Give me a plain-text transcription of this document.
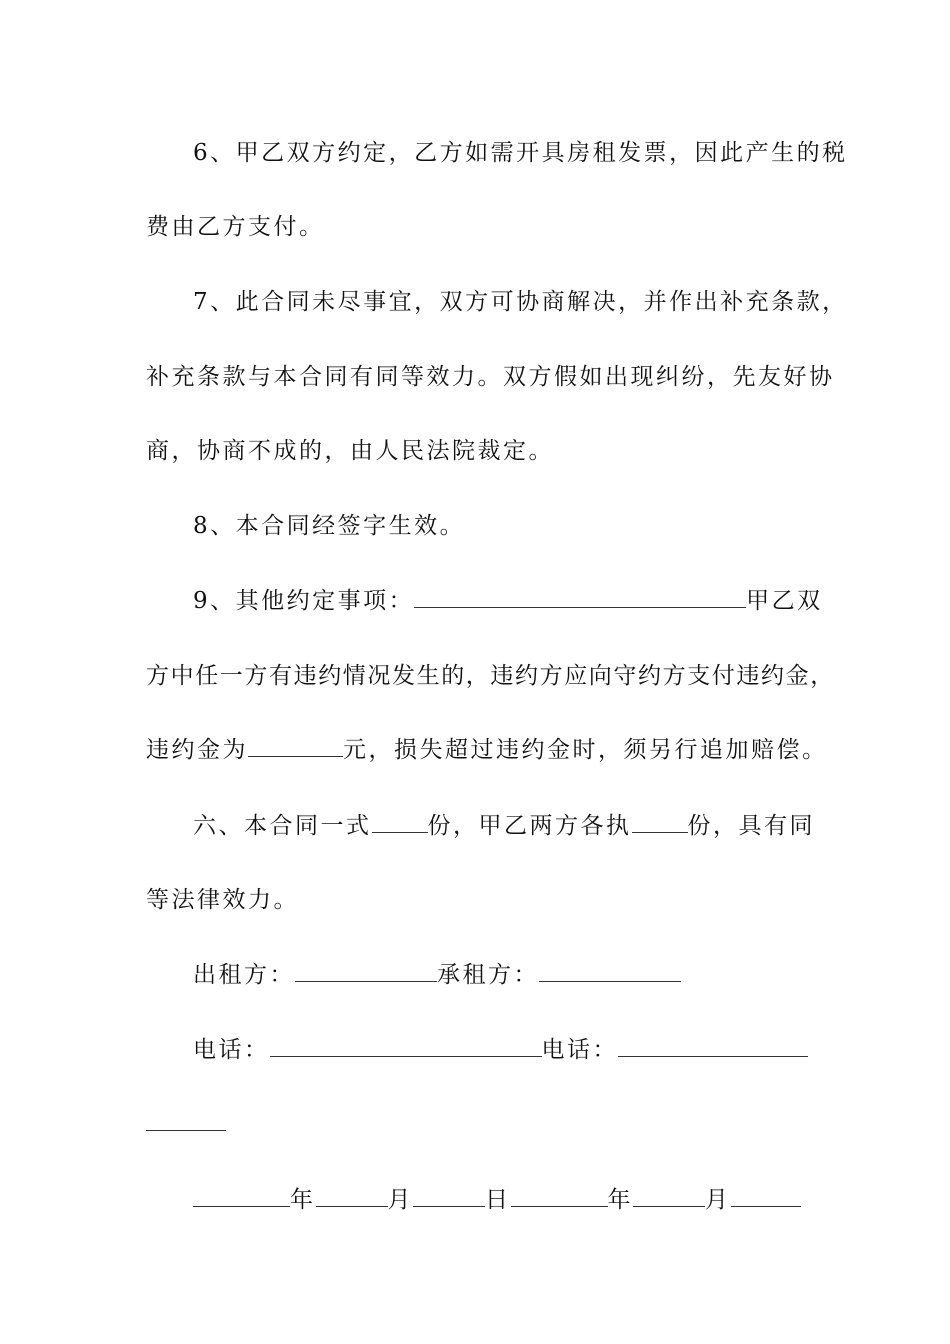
6、甲乙双方约定，乙方如需开具房租发票，因此产生的税
费由乙方支付。
7、此合同未尽事宜，双方可协商解决，并作出补充条款，
补充条款与本合同有同等效力。双方假如出现纠纷，先友好协
商，协商不成的，由人民法院裁定。
8、本合同经签字生效。
9、其他约定事项：	甲乙双
方中任一方有违约情况发生的，违约方应向守约方支付违约金，
违约金为	元，损失超过违约金时，须另行追加赔偿。
六、本合同一式 份，甲乙两方各执 份，具有同
等法律效力。
出租方：	承租方：
电话：	电话：
年	月	日	年	月
